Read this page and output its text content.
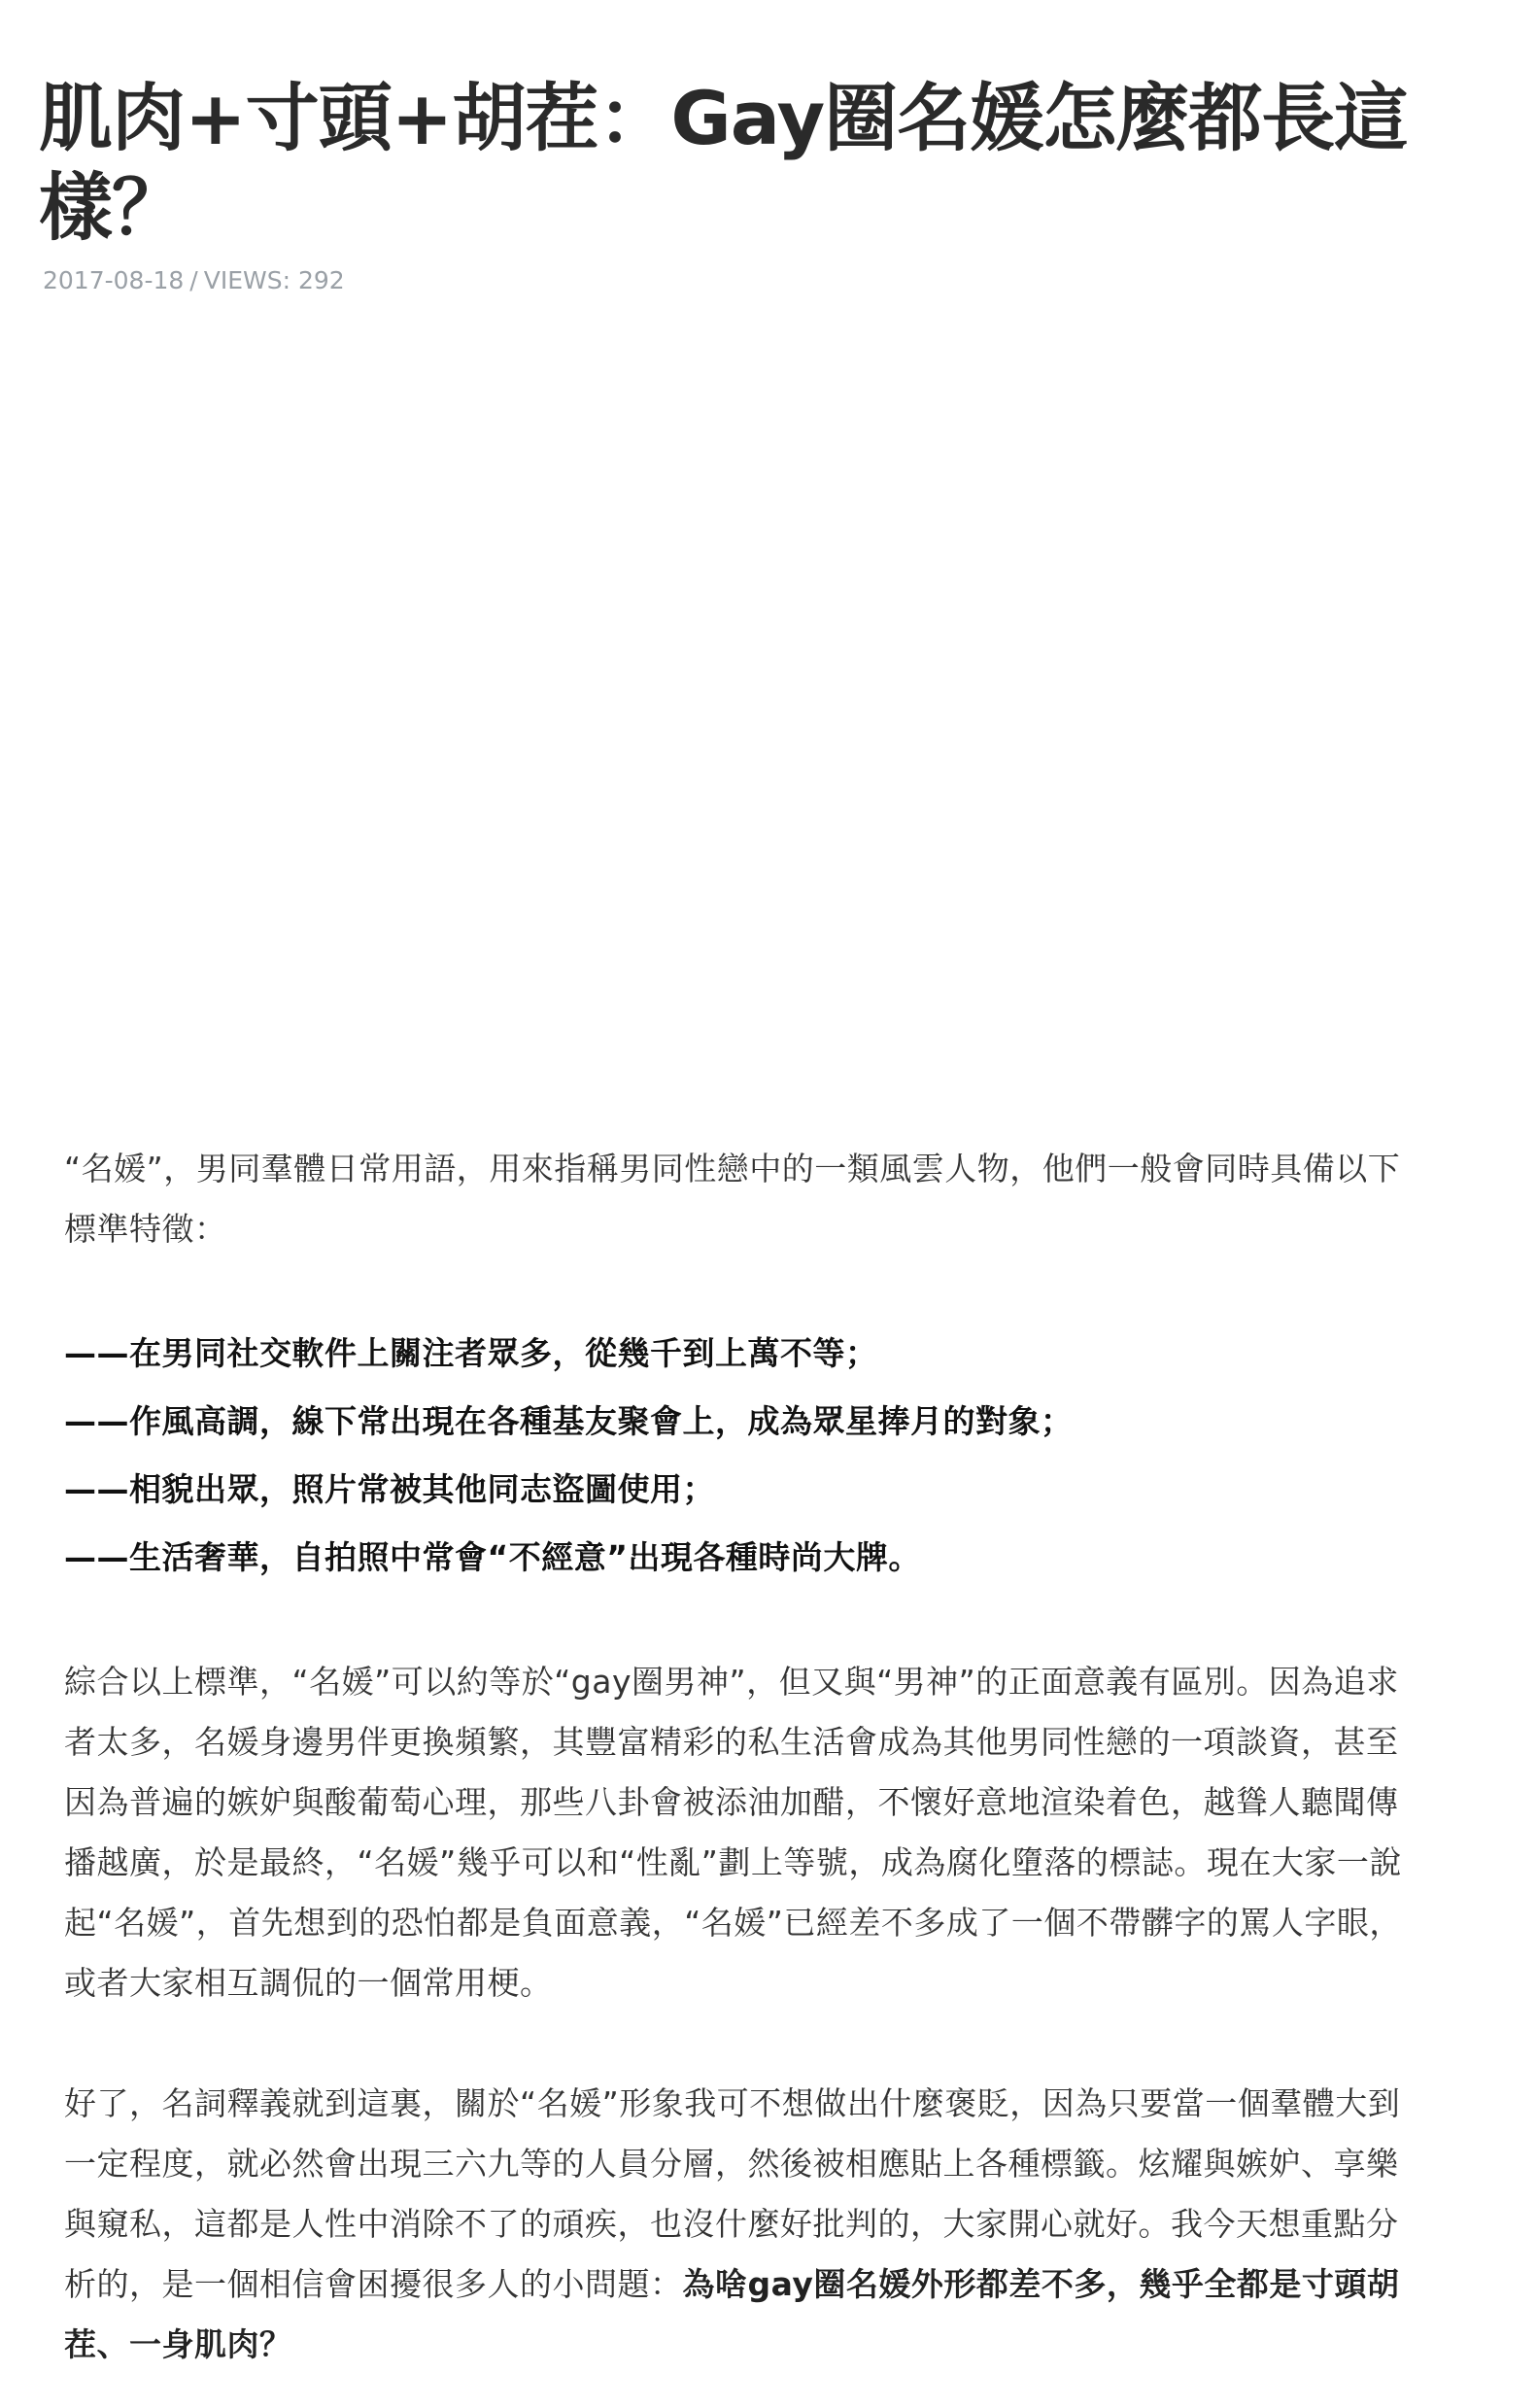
肌肉+寸頭+胡茬：Gay圈名媛怎麼都長這樣？
2017-08-18 / VIEWS: 292

“名媛”，男同羣體日常用語，用來指稱男同性戀中的一類風雲人物，他們一般會同時具備以下標準特徵：

——在男同社交軟件上關注者眾多，從幾千到上萬不等；
——作風高調，線下常出現在各種基友聚會上，成為眾星捧月的對象；
——相貌出眾，照片常被其他同志盜圖使用；
——生活奢華，自拍照中常會“不經意”出現各種時尚大牌。

綜合以上標準，“名媛”可以約等於“gay圈男神”，但又與“男神”的正面意義有區別。因為追求者太多，名媛身邊男伴更換頻繁，其豐富精彩的私生活會成為其他男同性戀的一項談資，甚至因為普遍的嫉妒與酸葡萄心理，那些八卦會被添油加醋，不懷好意地渲染着色，越聳人聽聞傳播越廣，於是最終，“名媛”幾乎可以和“性亂”劃上等號，成為腐化墮落的標誌。現在大家一說起“名媛”，首先想到的恐怕都是負面意義，“名媛”已經差不多成了一個不帶髒字的罵人字眼，或者大家相互調侃的一個常用梗。

好了，名詞釋義就到這裏，關於“名媛”形象我可不想做出什麼褒貶，因為只要當一個羣體大到一定程度，就必然會出現三六九等的人員分層，然後被相應貼上各種標籤。炫耀與嫉妒、享樂與窺私，這都是人性中消除不了的頑疾，也沒什麼好批判的，大家開心就好。我今天想重點分析的，是一個相信會困擾很多人的小問題：為啥gay圈名媛外形都差不多，幾乎全都是寸頭胡茬、一身肌肉？
